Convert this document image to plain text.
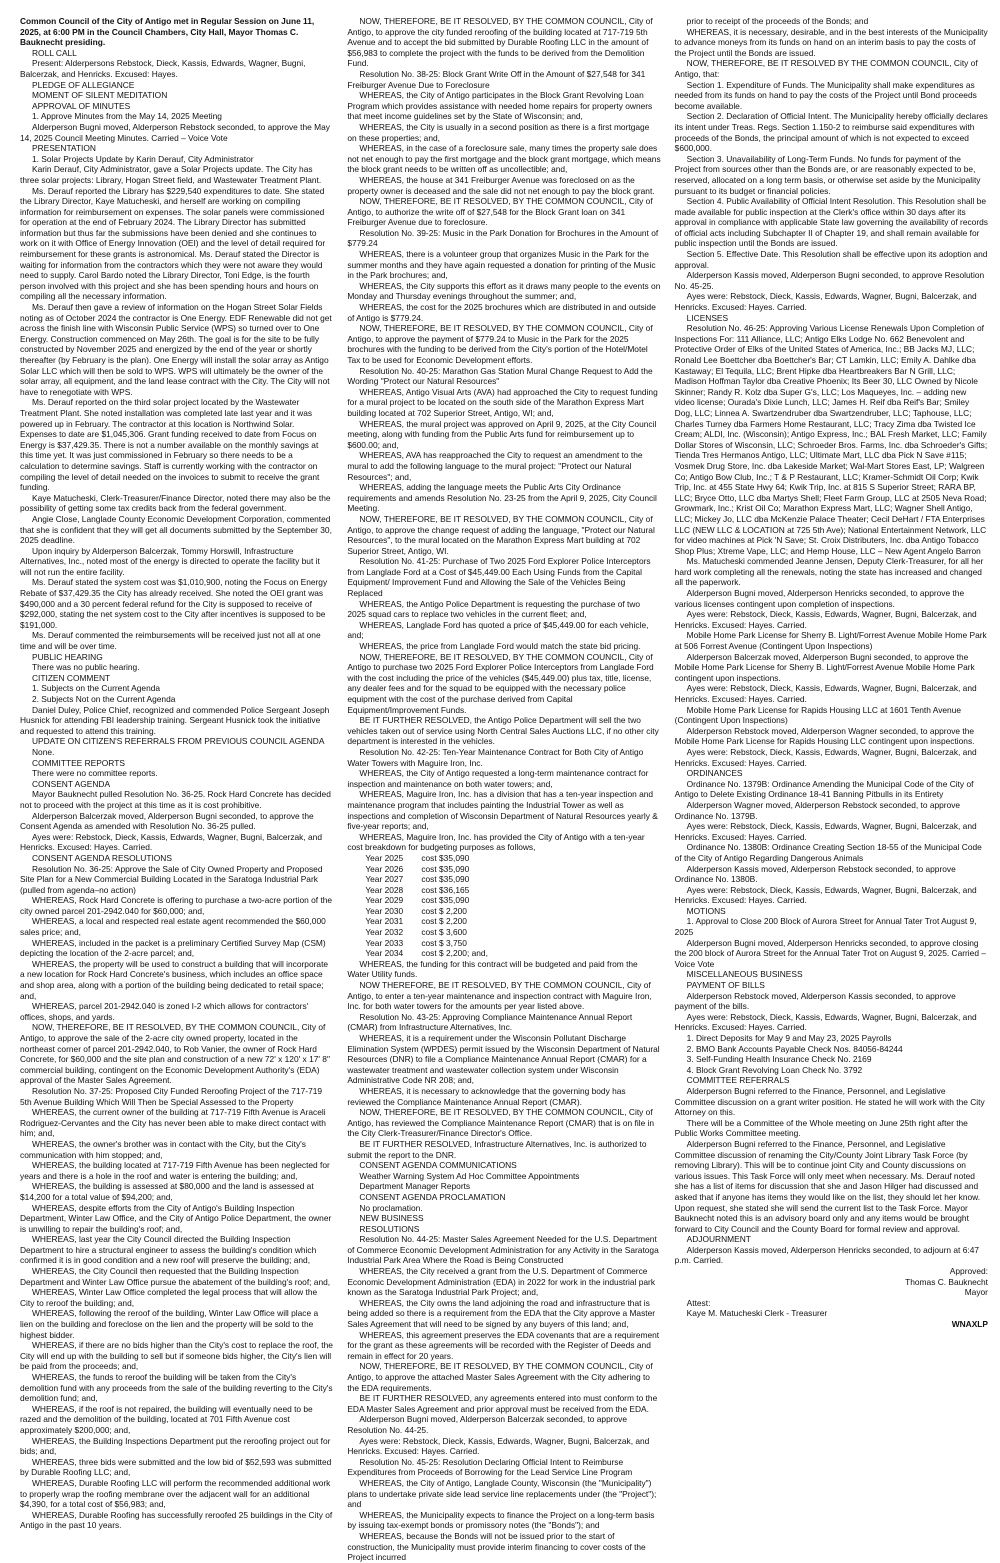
Common Council of the City of Antigo met in Regular Session on June 11, 2025, at 6:00 PM in the Council Chambers, City Hall, Mayor Thomas C. Bauknecht presiding.

ROLL CALL

Present: Alderpersons Rebstock, Dieck, Kassis, Edwards, Wagner, Bugni, Balcerzak, and Henricks. Excused: Hayes.

PLEDGE OF ALLEGIANCE

MOMENT OF SILENT MEDITATION

APPROVAL OF MINUTES

1. Approve Minutes from the May 14, 2025 Meeting

Alderperson Bugni moved, Alderperson Rebstock seconded, to approve the May 14, 2025 Council Meeting Minutes. Carried – Voice Vote

PRESENTATION

1. Solar Projects Update by Karin Derauf, City Administrator

Karin Derauf, City Administrator, gave a Solar Projects update. The City has three solar projects: Library, Hogan Street field, and Wastewater Treatment Plant.

Ms. Derauf reported the Library has $229,540 expenditures to date. She stated the Library Director, Kaye Matucheski, and herself are working on compiling information for reimbursement on expenses. The solar panels were commissioned for operation at the end of February 2024. The Library Director has submitted information but thus far the submissions have been denied and she continues to work on it with Office of Energy Innovation (OEI) and the level of detail required for reimbursement for these grants is astronomical. Ms. Derauf stated the Director is waiting for information from the contractors which they were not aware they would need to supply. Carol Bardo noted the Library Director, Toni Edge, is the fourth person involved with this project and she has been spending hours and hours on compiling all the necessary information.

Ms. Derauf then gave a review of information on the Hogan Street Solar Fields noting as of October 2024 the contractor is One Energy. EDF Renewable did not get across the finish line with Wisconsin Public Service (WPS) so turned over to One Energy. Construction commenced on May 26th. The goal is for the site to be fully constructed by November 2025 and energized by the end of the year or shortly thereafter (by February is the plan). One Energy will install the solar array as Antigo Solar LLC which will then be sold to WPS. WPS will ultimately be the owner of the solar array, all equipment, and the land lease contract with the City. The City will not have to renegotiate with WPS.

Ms. Derauf reported on the third solar project located by the Wastewater Treatment Plant. She noted installation was completed late last year and it was powered up in February. The contractor at this location is Northwind Solar. Expenses to date are $1,045,306. Grant funding received to date from Focus on Energy is $37,429.35. There is not a number available on the monthly savings at this time yet. It was just commissioned in February so there needs to be a calculation to determine savings. Staff is currently working with the contractor on compiling the level of detail needed on the invoices to submit to receive the grant funding.

Kaye Matucheski, Clerk-Treasurer/Finance Director, noted there may also be the possibility of getting some tax credits back from the federal government.

Angie Close, Langlade County Economic Development Corporation, commented that she is confident that they will get all documents submitted by the September 30, 2025 deadline.

Upon inquiry by Alderperson Balcerzak, Tommy Horswill, Infrastructure Alternatives, Inc., noted most of the energy is directed to operate the facility but it will not run the entire facility.

Ms. Derauf stated the system cost was $1,010,900, noting the Focus on Energy Rebate of $37,429.35 the City has already received. She noted the OEI grant was $490,000 and a 30 percent federal refund for the City is supposed to receive of $292,000, stating the net system cost to the City after incentives is supposed to be $191,000.

Ms. Derauf commented the reimbursements will be received just not all at one time and will be over time.

PUBLIC HEARING

There was no public hearing.

CITIZEN COMMENT

1. Subjects on the Current Agenda

2. Subjects Not on the Current Agenda

Daniel Duley, Police Chief, recognized and commended Police Sergeant Joseph Husnick for attending FBI leadership training. Sergeant Husnick took the initiative and requested to attend this training.

UPDATE ON CITIZEN'S REFERRALS FROM PREVIOUS COUNCIL AGENDA

None.

COMMITTEE REPORTS

There were no committee reports.

CONSENT AGENDA

Mayor Bauknecht pulled Resolution No. 36-25. Rock Hard Concrete has decided not to proceed with the project at this time as it is cost prohibitive.

Alderperson Balcerzak moved, Alderperson Bugni seconded, to approve the Consent Agenda as amended with Resolution No. 36-25 pulled.

Ayes were: Rebstock, Dieck, Kassis, Edwards, Wagner, Bugni, Balcerzak, and Henricks. Excused: Hayes. Carried.

CONSENT AGENDA RESOLUTIONS

Resolution No. 36-25: Approve the Sale of City Owned Property and Proposed Site Plan for a New Commercial Building Located in the Saratoga Industrial Park (pulled from agenda–no action)

WHEREAS, Rock Hard Concrete is offering to purchase a two-acre portion of the city owned parcel 201-2942.040 for $60,000; and,

WHEREAS, a local and respected real estate agent recommended the $60,000 sales price; and,

WHEREAS, included in the packet is a preliminary Certified Survey Map (CSM) depicting the location of the 2-acre parcel; and,

WHEREAS, the property will be used to construct a building that will incorporate a new location for Rock Hard Concrete's business, which includes an office space and shop area, along with a portion of the building being dedicated to retail space; and,

WHEREAS, parcel 201-2942.040 is zoned I-2 which allows for contractors' offices, shops, and yards.

NOW, THEREFORE, BE IT RESOLVED, BY THE COMMON COUNCIL, City of Antigo, to approve the sale of the 2-acre city owned property, located in the northeast corner of parcel 201-2942.040, to Rob Vanier, the owner of Rock Hard Concrete, for $60,000 and the site plan and construction of a new 72' x 120' x 17' 8" commercial building, contingent on the Economic Development Authority's (EDA) approval of the Master Sales Agreement.

Resolution No. 37-25: Proposed City Funded Reroofing Project of the 717-719 5th Avenue Building Which Will Then be Special Assessed to the Property

WHEREAS, the current owner of the building at 717-719 Fifth Avenue is Araceli Rodriguez-Cervantes and the City has never been able to make direct contact with him; and,

WHEREAS, the owner's brother was in contact with the City, but the City's communication with him stopped; and,

WHEREAS, the building located at 717-719 Fifth Avenue has been neglected for years and there is a hole in the roof and water is entering the building; and,

WHEREAS, the building is assessed at $80,000 and the land is assessed at $14,200 for a total value of $94,200; and,

WHEREAS, despite efforts from the City of Antigo's Building Inspection Department, Winter Law Office, and the City of Antigo Police Department, the owner is unwilling to repair the building's roof; and,

WHEREAS, last year the City Council directed the Building Inspection Department to hire a structural engineer to assess the building's condition which confirmed it is in good condition and a new roof will preserve the building; and,

WHEREAS, the City Council then requested that the Building Inspection Department and Winter Law Office pursue the abatement of the building's roof; and,

WHEREAS, Winter Law Office completed the legal process that will allow the City to reroof the building; and,

WHEREAS, following the reroof of the building, Winter Law Office will place a lien on the building and foreclose on the lien and the property will be sold to the highest bidder.

WHEREAS, if there are no bids higher than the City's cost to replace the roof, the City will end up with the building to sell but if someone bids higher, the City's lien will be paid from the proceeds; and,

WHEREAS, the funds to reroof the building will be taken from the City's demolition fund with any proceeds from the sale of the building reverting to the City's demolition fund; and,

WHEREAS, if the roof is not repaired, the building will eventually need to be razed and the demolition of the building, located at 701 Fifth Avenue cost approximately $200,000; and,

WHEREAS, the Building Inspections Department put the reroofing project out for bids; and,

WHEREAS, three bids were submitted and the low bid of $52,593 was submitted by Durable Roofing LLC; and,

WHEREAS, Durable Roofing LLC will perform the recommended additional work to properly wrap the roofing membrane over the adjacent wall for an additional $4,390, for a total cost of $56,983; and,

WHEREAS, Durable Roofing has successfully reroofed 25 buildings in the City of Antigo in the past 10 years.

NOW, THEREFORE, BE IT RESOLVED, BY THE COMMON COUNCIL, City of Antigo, to approve the city funded reroofing of the building located at 717-719 5th Avenue and to accept the bid submitted by Durable Roofing LLC in the amount of $56,983 to complete the project with the funds to be derived from the Demolition Fund.

Resolution No. 38-25: Block Grant Write Off in the Amount of $27,548 for 341 Freiburger Avenue Due to Foreclosure

WHEREAS, the City of Antigo participates in the Block Grant Revolving Loan Program which provides assistance with needed home repairs for property owners that meet income guidelines set by the State of Wisconsin; and,

WHEREAS, the City is usually in a second position as there is a first mortgage on these properties; and,

WHEREAS, in the case of a foreclosure sale, many times the property sale does not net enough to pay the first mortgage and the block grant mortgage, which means the block grant needs to be written off as uncollectible; and,

WHEREAS, the house at 341 Freiburger Avenue was foreclosed on as the property owner is deceased and the sale did not net enough to pay the block grant.

NOW, THEREFORE, BE IT RESOLVED, BY THE COMMON COUNCIL, City of Antigo, to authorize the write off of $27,548 for the Block Grant loan on 341 Freiburger Avenue due to foreclosure.

Resolution No. 39-25: Music in the Park Donation for Brochures in the Amount of $779.24

WHEREAS, there is a volunteer group that organizes Music in the Park for the summer months and they have again requested a donation for printing of the Music in the Park brochures; and,

WHEREAS, the City supports this effort as it draws many people to the events on Monday and Thursday evenings throughout the summer; and,

WHEREAS, the cost for the 2025 brochures which are distributed in and outside of Antigo is $779.24.

NOW, THEREFORE, BE IT RESOLVED, BY THE COMMON COUNCIL, City of Antigo, to approve the payment of $779.24 to Music in the Park for the 2025 brochures with the funding to be derived from the City's portion of the Hotel/Motel Tax to be used for Economic Development efforts.

Resolution No. 40-25: Marathon Gas Station Mural Change Request to Add the Wording "Protect our Natural Resources"

WHEREAS, Antigo Visual Arts (AVA) had approached the City to request funding for a mural project to be located on the south side of the Marathon Express Mart building located at 702 Superior Street, Antigo, WI; and,

WHEREAS, the mural project was approved on April 9, 2025, at the City Council meeting, along with funding from the Public Arts fund for reimbursement up to $600.00; and,

WHEREAS, AVA has reapproached the City to request an amendment to the mural to add the following language to the mural project: "Protect our Natural Resources"; and,

WHEREAS, adding the language meets the Public Arts City Ordinance requirements and amends Resolution No. 23-25 from the April 9, 2025, City Council Meeting.

NOW, THEREFORE, BE IT RESOLVED, BY THE COMMON COUNCIL, City of Antigo, to approve the change request of adding the language, "Protect our Natural Resources", to the mural located on the Marathon Express Mart building at 702 Superior Street, Antigo, WI.

Resolution No. 41-25: Purchase of Two 2025 Ford Explorer Police Interceptors from Langlade Ford at a Cost of $45,449.00 Each Using Funds from the Capital Equipment/ Improvement Fund and Allowing the Sale of the Vehicles Being Replaced

WHEREAS, the Antigo Police Department is requesting the purchase of two 2025 squad cars to replace two vehicles in the current fleet; and,

WHEREAS, Langlade Ford has quoted a price of $45,449.00 for each vehicle, and;

WHEREAS, the price from Langlade Ford would match the state bid pricing.

NOW, THEREFORE, BE IT RESOLVED, BY THE COMMON COUNCIL, City of Antigo to purchase two 2025 Ford Explorer Police Interceptors from Langlade Ford with the cost including the price of the vehicles ($45,449.00) plus tax, title, license, any dealer fees and for the squad to be equipped with the necessary police equipment with the cost of the purchase derived from Capital Equipment/Improvement Funds.

BE IT FURTHER RESOLVED, the Antigo Police Department will sell the two vehicles taken out of service using North Central Sales Auctions LLC, if no other city department is interested in the vehicles.

Resolution No. 42-25: Ten-Year Maintenance Contract for Both City of Antigo Water Towers with Maguire Iron, Inc.

WHEREAS, the City of Antigo requested a long-term maintenance contract for inspection and maintenance on both water towers; and,

WHEREAS, Maguire Iron, Inc. has a division that has a ten-year inspection and maintenance program that includes painting the Industrial Tower as well as inspections and completion of Wisconsin Department of Natural Resources yearly & five-year reports; and,

WHEREAS, Maguire Iron, Inc. has provided the City of Antigo with a ten-year cost breakdown for budgeting purposes as follows,

Year 2025	cost $35,090
Year 2026	cost $35,090
Year 2027	cost $35,090
Year 2028	cost $36,165
Year 2029	cost $35,090
Year 2030	cost $ 2,200
Year 2031	cost $ 2,200
Year 2032	cost $ 3,600
Year 2033	cost $ 3,750
Year 2034	cost $ 2,200; and,

WHEREAS, the funding for this contract will be budgeted and paid from the Water Utility funds.

NOW THEREFORE, BE IT RESOLVED, BY THE COMMON COUNCIL, City of Antigo, to enter a ten-year maintenance and inspection contract with Maguire Iron, Inc. for both water towers for the amounts per year listed above.

Resolution No. 43-25: Approving Compliance Maintenance Annual Report (CMAR) from Infrastructure Alternatives, Inc.

WHEREAS, it is a requirement under the Wisconsin Pollutant Discharge Elimination System (WPDES) permit issued by the Wisconsin Department of Natural Resources (DNR) to file a Compliance Maintenance Annual Report (CMAR) for a wastewater treatment and wastewater collection system under Wisconsin Administrative Code NR 208; and,

WHEREAS, it is necessary to acknowledge that the governing body has reviewed the Compliance Maintenance Annual Report (CMAR).

NOW, THEREFORE, BE IT RESOLVED, BY THE COMMON COUNCIL, City of Antigo, has reviewed the Compliance Maintenance Report (CMAR) that is on file in the City Clerk-Treasurer/Finance Director's Office.

BE IT FURTHER RESOLVED, Infrastructure Alternatives, Inc. is authorized to submit the report to the DNR.

CONSENT AGENDA COMMUNICATIONS

Weather Warning System Ad Hoc Committee Appointments

Department Manager Reports

CONSENT AGENDA PROCLAMATION

No proclamation.

NEW BUSINESS

RESOLUTIONS

Resolution No. 44-25: Master Sales Agreement Needed for the U.S. Department of Commerce Economic Development Administration for any Activity in the Saratoga Industrial Park Area Where the Road is Being Constructed

WHEREAS, the City received a grant from the U.S. Department of Commerce Economic Development Administration (EDA) in 2022 for work in the industrial park known as the Saratoga Industrial Park Project; and,

WHEREAS, the City owns the land adjoining the road and infrastructure that is being added so there is a requirement from the EDA that the City approve a Master Sales Agreement that will need to be signed by any buyers of this land; and,

WHEREAS, this agreement preserves the EDA covenants that are a requirement for the grant as these agreements will be recorded with the Register of Deeds and remain in effect for 20 years.

NOW, THEREFORE, BE IT RESOLVED, BY THE COMMON COUNCIL, City of Antigo, to approve the attached Master Sales Agreement with the City adhering to the EDA requirements.

BE IT FURTHER RESOLVED, any agreements entered into must conform to the EDA Master Sales Agreement and prior approval must be received from the EDA.

Alderperson Bugni moved, Alderperson Balcerzak seconded, to approve Resolution No. 44-25.

Ayes were: Rebstock, Dieck, Kassis, Edwards, Wagner, Bugni, Balcerzak, and Henricks. Excused: Hayes. Carried.

Resolution No. 45-25: Resolution Declaring Official Intent to Reimburse Expenditures from Proceeds of Borrowing for the Lead Service Line Program

WHEREAS, the City of Antigo, Langlade County, Wisconsin (the "Municipality") plans to undertake private side lead service line replacements under (the "Project"); and

WHEREAS, the Municipality expects to finance the Project on a long-term basis by issuing tax-exempt bonds or promissory notes (the "Bonds"); and

WHEREAS, because the Bonds will not be issued prior to the start of construction, the Municipality must provide interim financing to cover costs of the Project incurred

prior to receipt of the proceeds of the Bonds; and

WHEREAS, it is necessary, desirable, and in the best interests of the Municipality to advance moneys from its funds on hand on an interim basis to pay the costs of the Project until the Bonds are issued.

NOW, THEREFORE, BE IT RESOLVED BY THE COMMON COUNCIL, City of Antigo, that:

Section 1. Expenditure of Funds. The Municipality shall make expenditures as needed from its funds on hand to pay the costs of the Project until Bond proceeds become available.

Section 2. Declaration of Official Intent. The Municipality hereby officially declares its intent under Treas. Regs. Section 1.150-2 to reimburse said expenditures with proceeds of the Bonds, the principal amount of which is not expected to exceed $600,000.

Section 3. Unavailability of Long-Term Funds. No funds for payment of the Project from sources other than the Bonds are, or are reasonably expected to be, reserved, allocated on a long term basis, or otherwise set aside by the Municipality pursuant to its budget or financial policies.

Section 4. Public Availability of Official Intent Resolution. This Resolution shall be made available for public inspection at the Clerk's office within 30 days after its approval in compliance with applicable State law governing the availability of records of official acts including Subchapter II of Chapter 19, and shall remain available for public inspection until the Bonds are issued.

Section 5. Effective Date. This Resolution shall be effective upon its adoption and approval.

Alderperson Kassis moved, Alderperson Bugni seconded, to approve Resolution No. 45-25.

Ayes were: Rebstock, Dieck, Kassis, Edwards, Wagner, Bugni, Balcerzak, and Henricks. Excused: Hayes. Carried.

LICENSES

Resolution No. 46-25: Approving Various License Renewals Upon Completion of Inspections For: 111 Alliance, LLC; Antigo Elks Lodge No. 662 Benevolent and Protective Order of Elks of the United States of America, Inc.; BB Jacks MJ, LLC; Ronald Lee Boettcher dba Boettcher's Bar; CT Lamkin, LLC; Emily A. Dahlke dba Kastaway; El Tequila, LLC; Brent Hipke dba Heartbreakers Bar N Grill, LLC; Madison Hoffman Taylor dba Creative Phoenix; Its Beer 30, LLC Owned by Nicole Skinner; Randy R. Kolz dba Super G's, LLC; Los Maqueyes, Inc. – adding new video license; Ourada's Dixie Lunch, LLC; James H. Reif dba Reif's Bar; Smiley Dog, LLC; Linnea A. Swartzendruber dba Swartzendruber, LLC; Taphouse, LLC; Charles Turney dba Farmers Home Restaurant, LLC; Tracy Zima dba Twisted Ice Cream; ALDI, Inc. (Wisconsin); Antigo Express, Inc.; BAL Fresh Market, LLC; Family Dollar Stores of Wisconsin, LLC; Schroeder Bros. Farms, Inc. dba Schroeder's Gifts; Tienda Tres Hermanos Antigo, LLC; Ultimate Mart, LLC dba Pick N Save #115; Vosmek Drug Store, Inc. dba Lakeside Market; Wal-Mart Stores East, LP; Walgreen Co; Antigo Bow Club, Inc.; T & P Restaurant, LLC; Kramer-Schmidt Oil Corp; Kwik Trip, Inc. at 455 State Hwy 64; Kwik Trip, Inc. at 815 S Superior Street; RARA BP, LLC; Bryce Otto, LLC dba Martys Shell; Fleet Farm Group, LLC at 2505 Neva Road; Growmark, Inc.; Krist Oil Co; Marathon Express Mart, LLC; Wagner Shell Antigo, LLC; Mickey Jo, LLC dba McKenzie Palace Theater; Cecil DeHart / FTA Enterprises LLC (NEW LLC & LOCATION at 725 5th Ave); National Entertainment Network, LLC for video machines at Pick 'N Save; St. Croix Distributers, Inc. dba Antigo Tobacco Shop Plus; Xtreme Vape, LLC; and Hemp House, LLC – New Agent Angelo Barron

Ms. Matucheski commended Jeanne Jensen, Deputy Clerk-Treasurer, for all her hard work completing all the renewals, noting the state has increased and changed all the paperwork.

Alderperson Bugni moved, Alderperson Henricks seconded, to approve the various licenses contingent upon completion of inspections.

Ayes were: Rebstock, Dieck, Kassis, Edwards, Wagner, Bugni, Balcerzak, and Henricks. Excused: Hayes. Carried.

Mobile Home Park License for Sherry B. Light/Forrest Avenue Mobile Home Park at 506 Forrest Avenue (Contingent Upon Inspections)

Alderperson Balcerzak moved, Alderperson Bugni seconded, to approve the Mobile Home Park License for Sherry B. Light/Forrest Avenue Mobile Home Park contingent upon inspections.

Ayes were: Rebstock, Dieck, Kassis, Edwards, Wagner, Bugni, Balcerzak, and Henricks. Excused: Hayes. Carried.

Mobile Home Park License for Rapids Housing LLC at 1601 Tenth Avenue (Contingent Upon Inspections)

Alderperson Rebstock moved, Alderperson Wagner seconded, to approve the Mobile Home Park License for Rapids Housing LLC contingent upon inspections.

Ayes were: Rebstock, Dieck, Kassis, Edwards, Wagner, Bugni, Balcerzak, and Henricks. Excused: Hayes. Carried.

ORDINANCES

Ordinance No. 1379B: Ordinance Amending the Municipal Code of the City of Antigo to Delete Existing Ordinance 18-41 Banning Pitbulls in its Entirety

Alderperson Wagner moved, Alderperson Rebstock seconded, to approve Ordinance No. 1379B.

Ayes were: Rebstock, Dieck, Kassis, Edwards, Wagner, Bugni, Balcerzak, and Henricks. Excused: Hayes. Carried.

Ordinance No. 1380B: Ordinance Creating Section 18-55 of the Municipal Code of the City of Antigo Regarding Dangerous Animals

Alderperson Kassis moved, Alderperson Rebstock seconded, to approve Ordinance No. 1380B.

Ayes were: Rebstock, Dieck, Kassis, Edwards, Wagner, Bugni, Balcerzak, and Henricks. Excused: Hayes. Carried.

MOTIONS

1. Approval to Close 200 Block of Aurora Street for Annual Tater Trot August 9, 2025

Alderperson Bugni moved, Alderperson Henricks seconded, to approve closing the 200 block of Aurora Street for the Annual Tater Trot on August 9, 2025. Carried – Voice Vote

MISCELLANEOUS BUSINESS

PAYMENT OF BILLS

Alderperson Rebstock moved, Alderperson Kassis seconded, to approve payment of the bills.

Ayes were: Rebstock, Dieck, Kassis, Edwards, Wagner, Bugni, Balcerzak, and Henricks. Excused: Hayes. Carried.

1. Direct Deposits for May 9 and May 23, 2025 Payrolls

2. BMO Bank Accounts Payable Check Nos. 84056-84244

3. Self-Funding Health Insurance Check No. 2169

4. Block Grant Revolving Loan Check No. 3792

COMMITTEE REFERRALS

Alderperson Bugni referred to the Finance, Personnel, and Legislative Committee discussion on a grant writer position. He stated he will work with the City Attorney on this.

There will be a Committee of the Whole meeting on June 25th right after the Public Works Committee meeting.

Alderperson Bugni referred to the Finance, Personnel, and Legislative Committee discussion of renaming the City/County Joint Library Task Force (by removing Library). This will be to continue joint City and County discussions on various issues. This Task Force will only meet when necessary. Ms. Derauf noted she has a list of items for discussion that she and Jason Hilger had discussed and asked that if anyone has items they would like on the list, they should let her know. Upon request, she stated she will send the current list to the Task Force. Mayor Bauknecht noted this is an advisory board only and any items would be brought forward to City Council and the County Board for formal review and approval.

ADJOURNMENT

Alderperson Kassis moved, Alderperson Henricks seconded, to adjourn at 6:47 p.m. Carried.

Approved:

Thomas C. Bauknecht

Mayor

Attest:

Kaye M. Matucheski Clerk - Treasurer

WNAXLP
